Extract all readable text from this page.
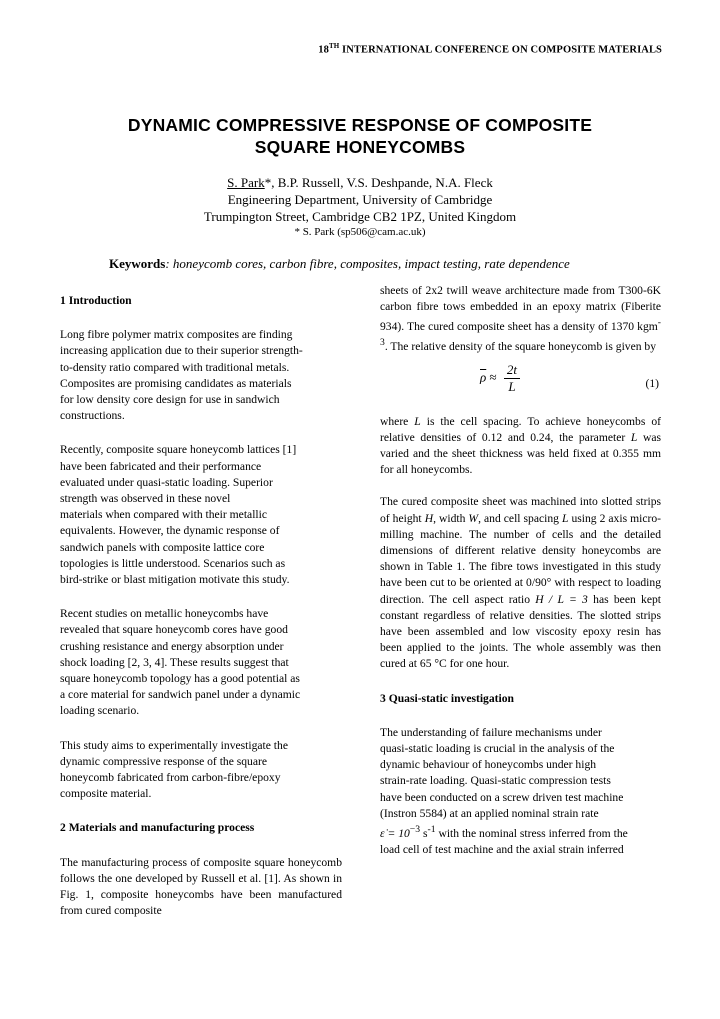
18TH INTERNATIONAL CONFERENCE ON COMPOSITE MATERIALS
DYNAMIC COMPRESSIVE RESPONSE OF COMPOSITE
SQUARE HONEYCOMBS
S. Park*, B.P. Russell, V.S. Deshpande, N.A. Fleck
Engineering Department, University of Cambridge
Trumpington Street, Cambridge CB2 1PZ, United Kingdom
* S. Park (sp506@cam.ac.uk)
Keywords: honeycomb cores, carbon fibre, composites, impact testing, rate dependence

1 Introduction

Long fibre polymer matrix composites are finding
increasing application due to their superior strength-
to-density ratio compared with traditional metals.
Composites are promising candidates as materials
for low density core design for use in sandwich
constructions.

Recently, composite square honeycomb lattices [1]
have been fabricated and their performance
evaluated under quasi-static loading. Superior
strength was observed in these novel
materials when compared with their metallic
equivalents. However, the dynamic response of
sandwich panels with composite lattice core
topologies is little understood. Scenarios such as
bird-strike or blast mitigation motivate this study.

Recent studies on metallic honeycombs have
revealed that square honeycomb cores have good
crushing resistance and energy absorption under
shock loading [2, 3, 4]. These results suggest that
square honeycomb topology has a good potential as
a core material for sandwich panel under a dynamic
loading scenario.

This study aims to experimentally investigate the
dynamic compressive response of the square
honeycomb fabricated from carbon-fibre/epoxy
composite material.

2 Materials and manufacturing process

The manufacturing process of composite square honeycomb follows the one developed by Russell et al. [1]. As shown in Fig. 1, composite honeycombs have been manufactured from cured composite

sheets of 2x2 twill weave architecture made from T300-6K carbon fibre tows embedded in an epoxy matrix (Fiberite 934). The cured composite sheet has a density of 1370 kgm$^{-3}$. The relative density of the square honeycomb is given by

$\overline{\rho} \approx \frac{2t}{L}$	(1)

where L is the cell spacing. To achieve honeycombs of relative densities of 0.12 and 0.24, the parameter L was varied and the sheet thickness was held fixed at 0.355 mm for all honeycombs.

The cured composite sheet was machined into slotted strips of height H, width W, and cell spacing L using 2 axis micro-milling machine. The number of cells and the detailed dimensions of different relative density honeycombs are shown in Table 1. The fibre tows investigated in this study have been cut to be oriented at 0/90° with respect to loading direction. The cell aspect ratio H / L = 3 has been kept constant regardless of relative densities. The slotted strips have been assembled and low viscosity epoxy resin has been applied to the joints. The whole assembly was then cured at 65 °C for one hour.

3 Quasi-static investigation

The understanding of failure mechanisms under
quasi-static loading is crucial in the analysis of the
dynamic behaviour of honeycombs under high
strain-rate loading. Quasi-static compression tests
have been conducted on a screw driven test machine
(Instron 5584) at an applied nominal strain rate
ε̇ = $10^{-3}$ $s^{-1}$ with the nominal stress inferred from the
load cell of test machine and the axial strain inferred
